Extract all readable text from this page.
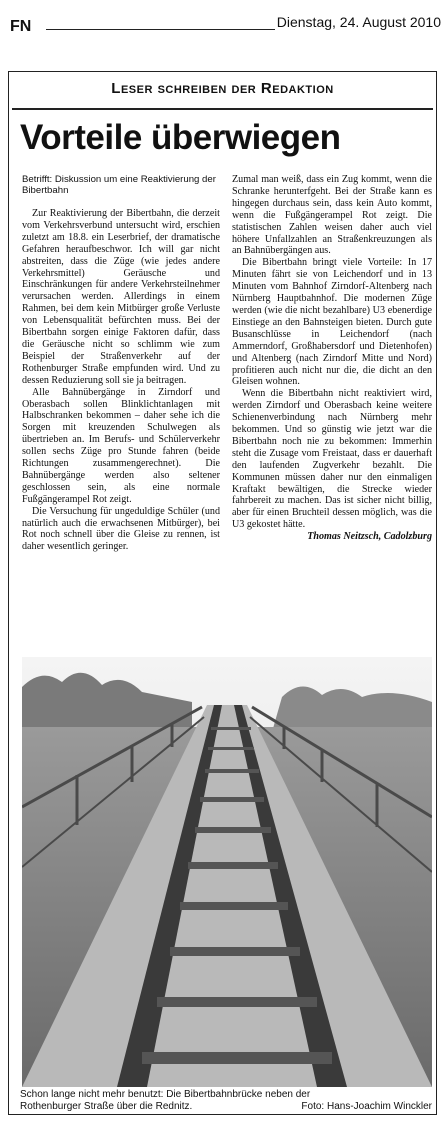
FN	Dienstag, 24. August 2010
Leser schreiben der Redaktion
Vorteile überwiegen

Betrifft: Diskussion um eine Reaktivierung der Bibertbahn

Zur Reaktivierung der Bibertbahn, die derzeit vom Verkehrsverbund untersucht wird, erschien zuletzt am 18.8. ein Leserbrief, der dramatische Gefahren heraufbeschwor. Ich will gar nicht abstreiten, dass die Züge (wie jedes andere Verkehrsmittel) Geräusche und Einschränkungen für andere Verkehrsteilnehmer verursachen werden. Allerdings in einem Rahmen, bei dem kein Mitbürger große Verluste von Lebensqualität befürchten muss. Bei der Bibertbahn sorgen einige Faktoren dafür, dass die Geräusche nicht so schlimm wie zum Beispiel der Straßenverkehr auf der Rothenburger Straße empfunden wird. Und zu dessen Reduzierung soll sie ja beitragen.

Alle Bahnübergänge in Zirndorf und Oberasbach sollen Blinklichtanlagen mit Halbschranken bekommen – daher sehe ich die Sorgen mit kreuzenden Schulwegen als übertrieben an. Im Berufs- und Schülerverkehr sollen sechs Züge pro Stunde fahren (beide Richtungen zusammengerechnet). Die Bahnübergänge werden also seltener geschlossen sein, als eine normale Fußgängerampel Rot zeigt.

Die Versuchung für ungeduldige Schüler (und natürlich auch die erwachsenen Mitbürger), bei Rot noch schnell über die Gleise zu rennen, ist daher wesentlich geringer.

Zumal man weiß, dass ein Zug kommt, wenn die Schranke herunterfgeht. Bei der Straße kann es hingegen durchaus sein, dass kein Auto kommt, wenn die Fußgängerampel Rot zeigt. Die statistischen Zahlen weisen daher auch viel höhere Unfallzahlen an Straßenkreuzungen als an Bahnübergängen aus.

Die Bibertbahn bringt viele Vorteile: In 17 Minuten fährt sie von Leichendorf und in 13 Minuten vom Bahnhof Zirndorf-Altenberg nach Nürnberg Hauptbahnhof. Die modernen Züge werden (wie die nicht bezahlbare) U3 ebenerdige Einstiege an den Bahnsteigen bieten. Durch gute Busanschlüsse in Leichendorf (nach Ammerndorf, Großhabersdorf und Dietenhofen) und Altenberg (nach Zirndorf Mitte und Nord) profitieren auch nicht nur die, die dicht an den Gleisen wohnen.

Wenn die Bibertbahn nicht reaktiviert wird, werden Zirndorf und Oberasbach keine weitere Schienenverbindung nach Nürnberg mehr bekommen. Und so günstig wie jetzt war die Bibertbahn noch nie zu bekommen: Immerhin steht die Zusage vom Freistaat, dass er dauerhaft den laufenden Zugverkehr bezahlt. Die Kommunen müssen daher nur den einmaligen Kraftakt bewältigen, die Strecke wieder fahrbereit zu machen. Das ist sicher nicht billig, aber für einen Bruchteil dessen möglich, was die U3 gekostet hätte.

Thomas Neitzsch, Cadolzburg

Schon lange nicht mehr benutzt: Die Bibertbahnbrücke neben der Rothenburger Straße über die Rednitz.	Foto: Hans-Joachim Winckler
